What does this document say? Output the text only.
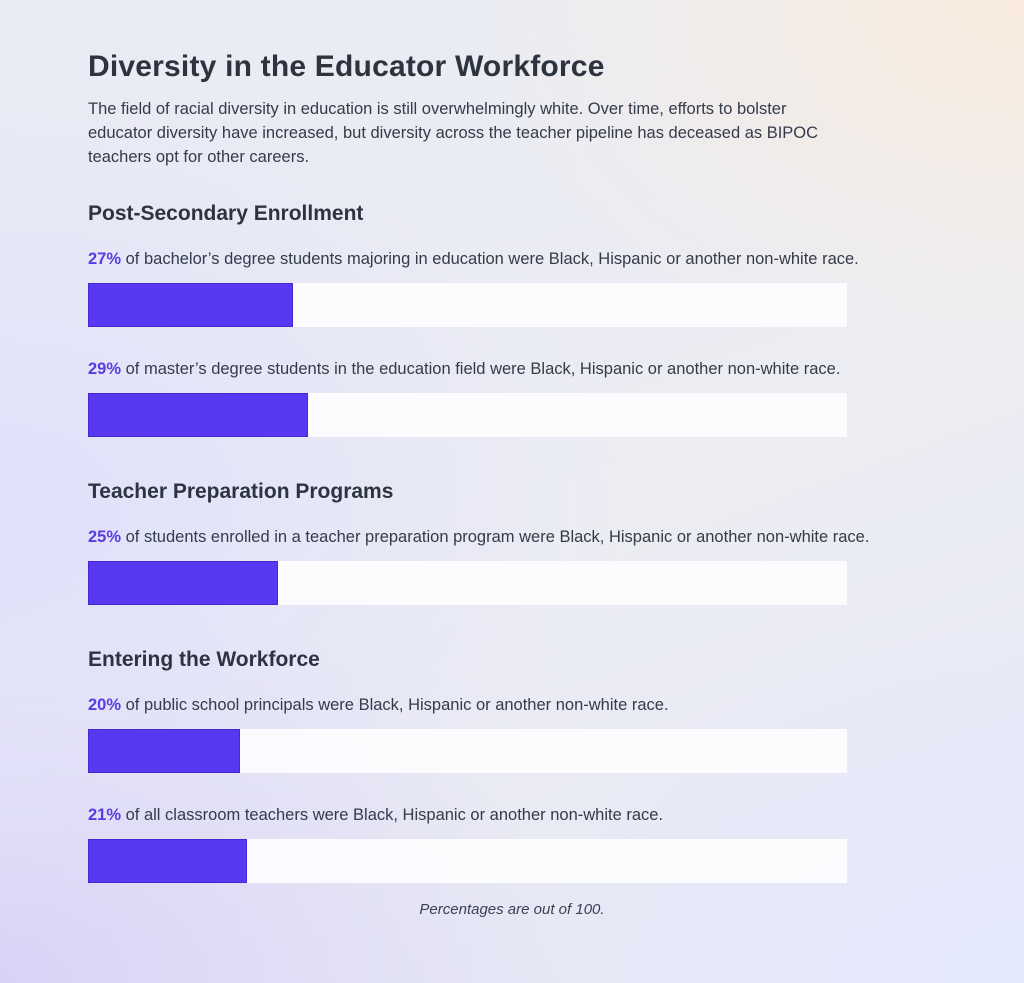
Diversity in the Educator Workforce

The field of racial diversity in education is still overwhelmingly white. Over time, efforts to bolster educator diversity have increased, but diversity across the teacher pipeline has deceased as BIPOC teachers opt for other careers.

Post-Secondary Enrollment

27% of bachelor’s degree students majoring in education were Black, Hispanic or another non-white race.

29% of master’s degree students in the education field were Black, Hispanic or another non-white race.

Teacher Preparation Programs

25% of students enrolled in a teacher preparation program were Black, Hispanic or another non-white race.

Entering the Workforce

20% of public school principals were Black, Hispanic or another non-white race.

21% of all classroom teachers were Black, Hispanic or another non-white race.

Percentages are out of 100.
